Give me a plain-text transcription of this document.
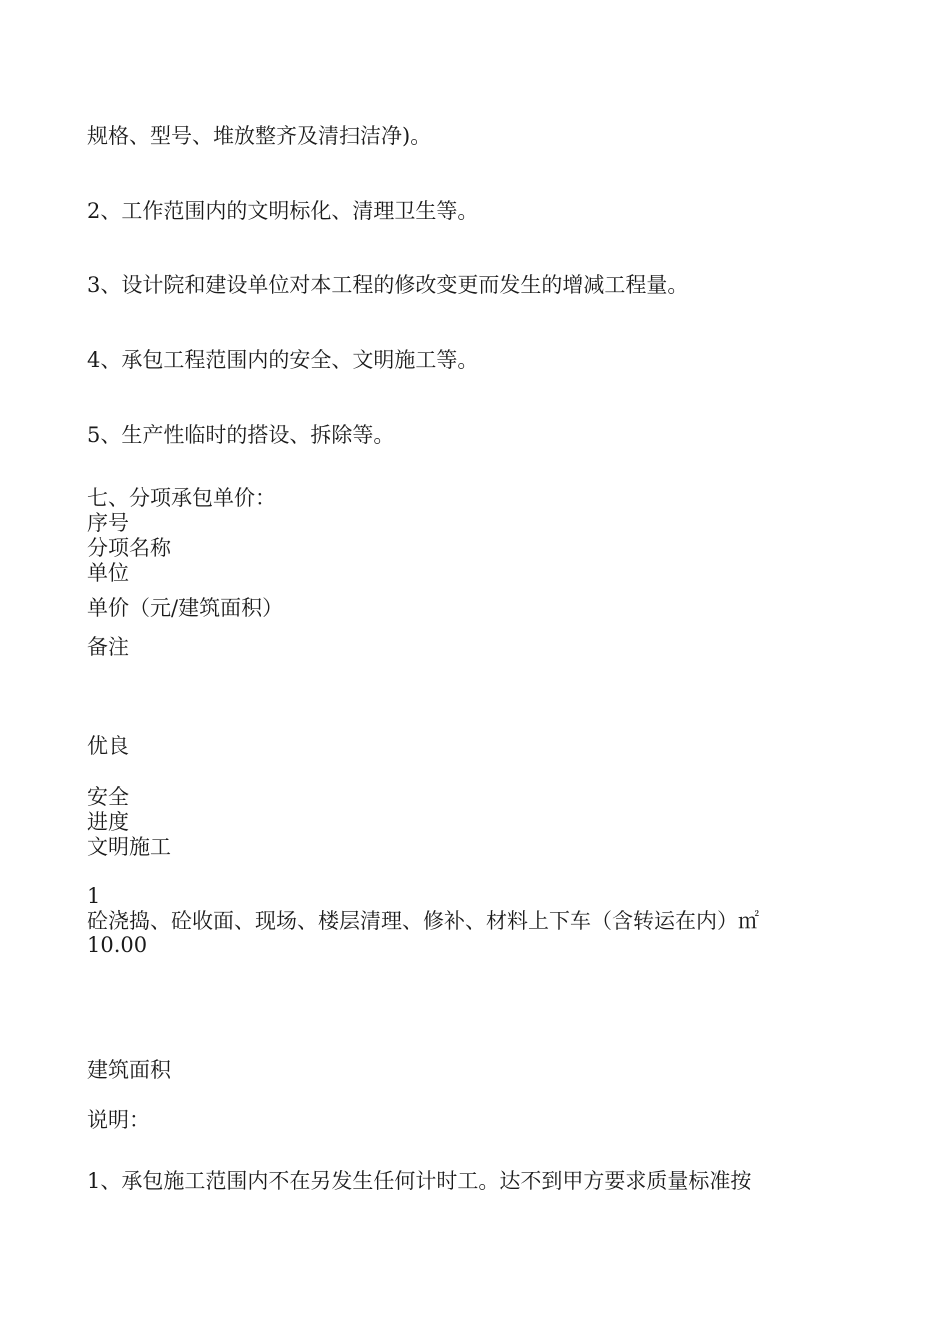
规格、型号、堆放整齐及清扫洁净)。
2、工作范围内的文明标化、清理卫生等。
3、设计院和建设单位对本工程的修改变更而发生的增减工程量。
4、承包工程范围内的安全、文明施工等。
5、生产性临时的搭设、拆除等。
七、分项承包单价：
序号
分项名称
单位
单价（元/建筑面积）
备注
优良
安全
进度
文明施工
1
砼浇捣、砼收面、现场、楼层清理、修补、材料上下车（含转运在内）㎡
10.00
建筑面积
说明：
1、承包施工范围内不在另发生任何计时工。达不到甲方要求质量标准按
